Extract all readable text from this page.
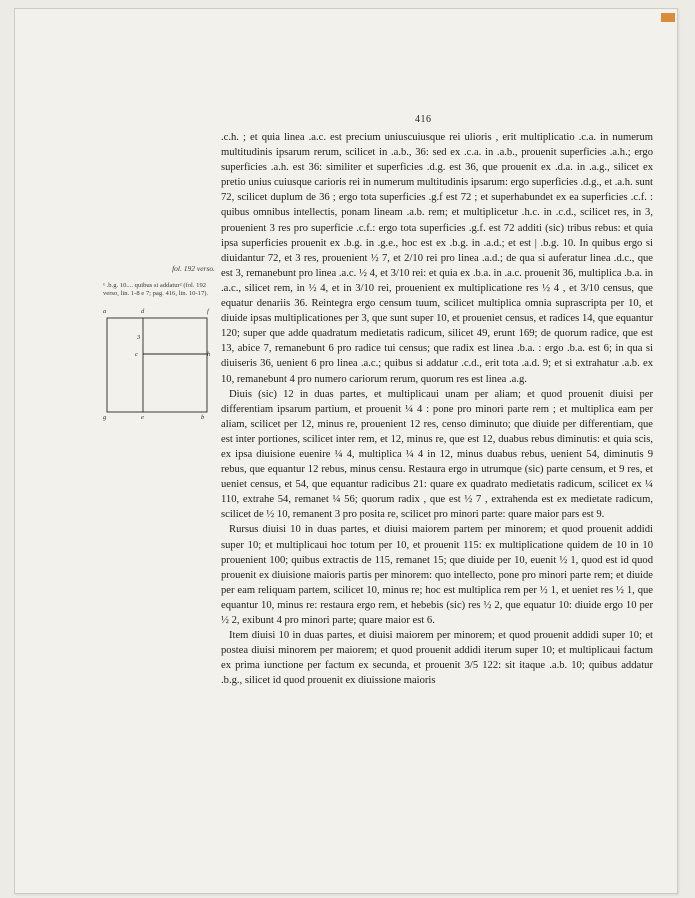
416
fol. 192 verso.
¹ .b.g. 10.... quibus si addatur² (fol. 192 verso, lin. 1-8 e 7; pag. 416, lin. 10-17).
a	d	f
3
c	h
g	e	b

.c.h. ; et quia linea .a.c. est precium uniuscuiusque rei ulioris , erit multiplicatio .c.a. in numerum multitudinis ipsarum rerum, scilicet in .a.b., 36: sed ex .c.a. in .a.b., prouenit superficies .a.h.; ergo superficies .a.h. est 36: similiter et superficies .d.g. est 36, que prouenit ex .d.a. in .a.g., silicet ex pretio unius cuiusque carioris rei in numerum multitudinis ipsarum: ergo superficies .d.g., et .a.h. sunt 72, scilicet duplum de 36 ; ergo tota superficies .g.f est 72 ; et superhabundet ex ea superficies .c.f. : quibus omnibus intellectis, ponam lineam .a.b. rem; et multiplicetur .h.c. in .c.d., scilicet res, in 3, prouenient 3 res pro superficie .c.f.: ergo tota superficies .g.f. est 72 additi (sic) tribus rebus: et quia ipsa superficies prouenit ex .b.g. in .g.e., hoc est ex .b.g. in .a.d.; et est | .b.g. 10. In quibus ergo si diuidantur 72, et 3 res, prouenient ½ 7, et 2/10 rei pro linea .a.d.; de qua si auferatur linea .d.c., que est 3, remanebunt pro linea .a.c. ½ 4, et 3/10 rei: et quia ex .b.a. in .a.c. prouenit 36, multiplica .b.a. in .a.c., silicet rem, in ½ 4, et in 3/10 rei, prouenient ex multiplicatione res ½ 4 , et 3/10 census, que equatur denariis 36. Reintegra ergo censum tuum, scilicet multiplica omnia suprascripta per 10, et diuide ipsas multiplicationes per 3, que sunt super 10, et proueniet census, et radices 14, que equantur 120; super que adde quadratum medietatis radicum, silicet 49, erunt 169; de quorum radice, que est 13, abice 7, remanebunt 6 pro radice tui census; que radix est linea .b.a. : ergo .b.a. est 6; in qua si diuiseris 36, uenient 6 pro linea .a.c.; quibus si addatur .c.d., erit tota .a.d. 9; et si extrahatur .a.b. ex 10, remanebunt 4 pro numero cariorum rerum, quorum res est linea .a.g.

Diuis (sic) 12 in duas partes, et multiplicaui unam per aliam; et quod prouenit diuisi per differentiam ipsarum partium, et prouenit ¼ 4 : pone pro minori parte rem ; et multiplica eam per aliam, scilicet per 12, minus re, prouenient 12 res, censo diminuto; que diuide per differentiam, que est inter portiones, scilicet inter rem, et 12, minus re, que est 12, duabus rebus diminutis: et quia scis, ex ipsa diuisione euenire ¼ 4, multiplica ¼ 4 in 12, minus duabus rebus, uenient 54, diminutis 9 rebus, que equantur 12 rebus, minus censu. Restaura ergo in utrumque (sic) parte censum, et 9 res, et ueniet census, et 54, que equantur radicibus 21: quare ex quadrato medietatis radicum, scilicet ex ¼ 110, extrahe 54, remanet ¼ 56; quorum radix , que est ½ 7 , extrahenda est ex medietate radicum, scilicet de ½ 10, remanent 3 pro posita re, scilicet pro minori parte: quare maior pars est 9.

Rursus diuisi 10 in duas partes, et diuisi maiorem partem per minorem; et quod prouenit addidi super 10; et multiplicaui hoc totum per 10, et prouenit 115: ex multiplicatione quidem de 10 in 10 prouenient 100; quibus extractis de 115, remanet 15; que diuide per 10, euenit ½ 1, quod est id quod prouenit ex diuisione maioris partis per minorem: quo intellecto, pone pro minori parte rem; et diuide per eam reliquam partem, scilicet 10, minus re; hoc est multiplica rem per ½ 1, et ueniet res ½ 1, que equantur 10, minus re: restaura ergo rem, et hebebis (sic) res ½ 2, que equatur 10: diuide ergo 10 per ½ 2, exibunt 4 pro minori parte; quare maior est 6.

Item diuisi 10 in duas partes, et diuisi maiorem per minorem; et quod prouenit addidi super 10; et postea diuisi minorem per maiorem; et quod prouenit addidi iterum super 10; et multiplicaui factum ex prima iunctione per factum ex secunda, et prouenit 3/5 122: sit itaque .a.b. 10; quibus addatur .b.g., silicet id quod prouenit ex diuissione maioris
